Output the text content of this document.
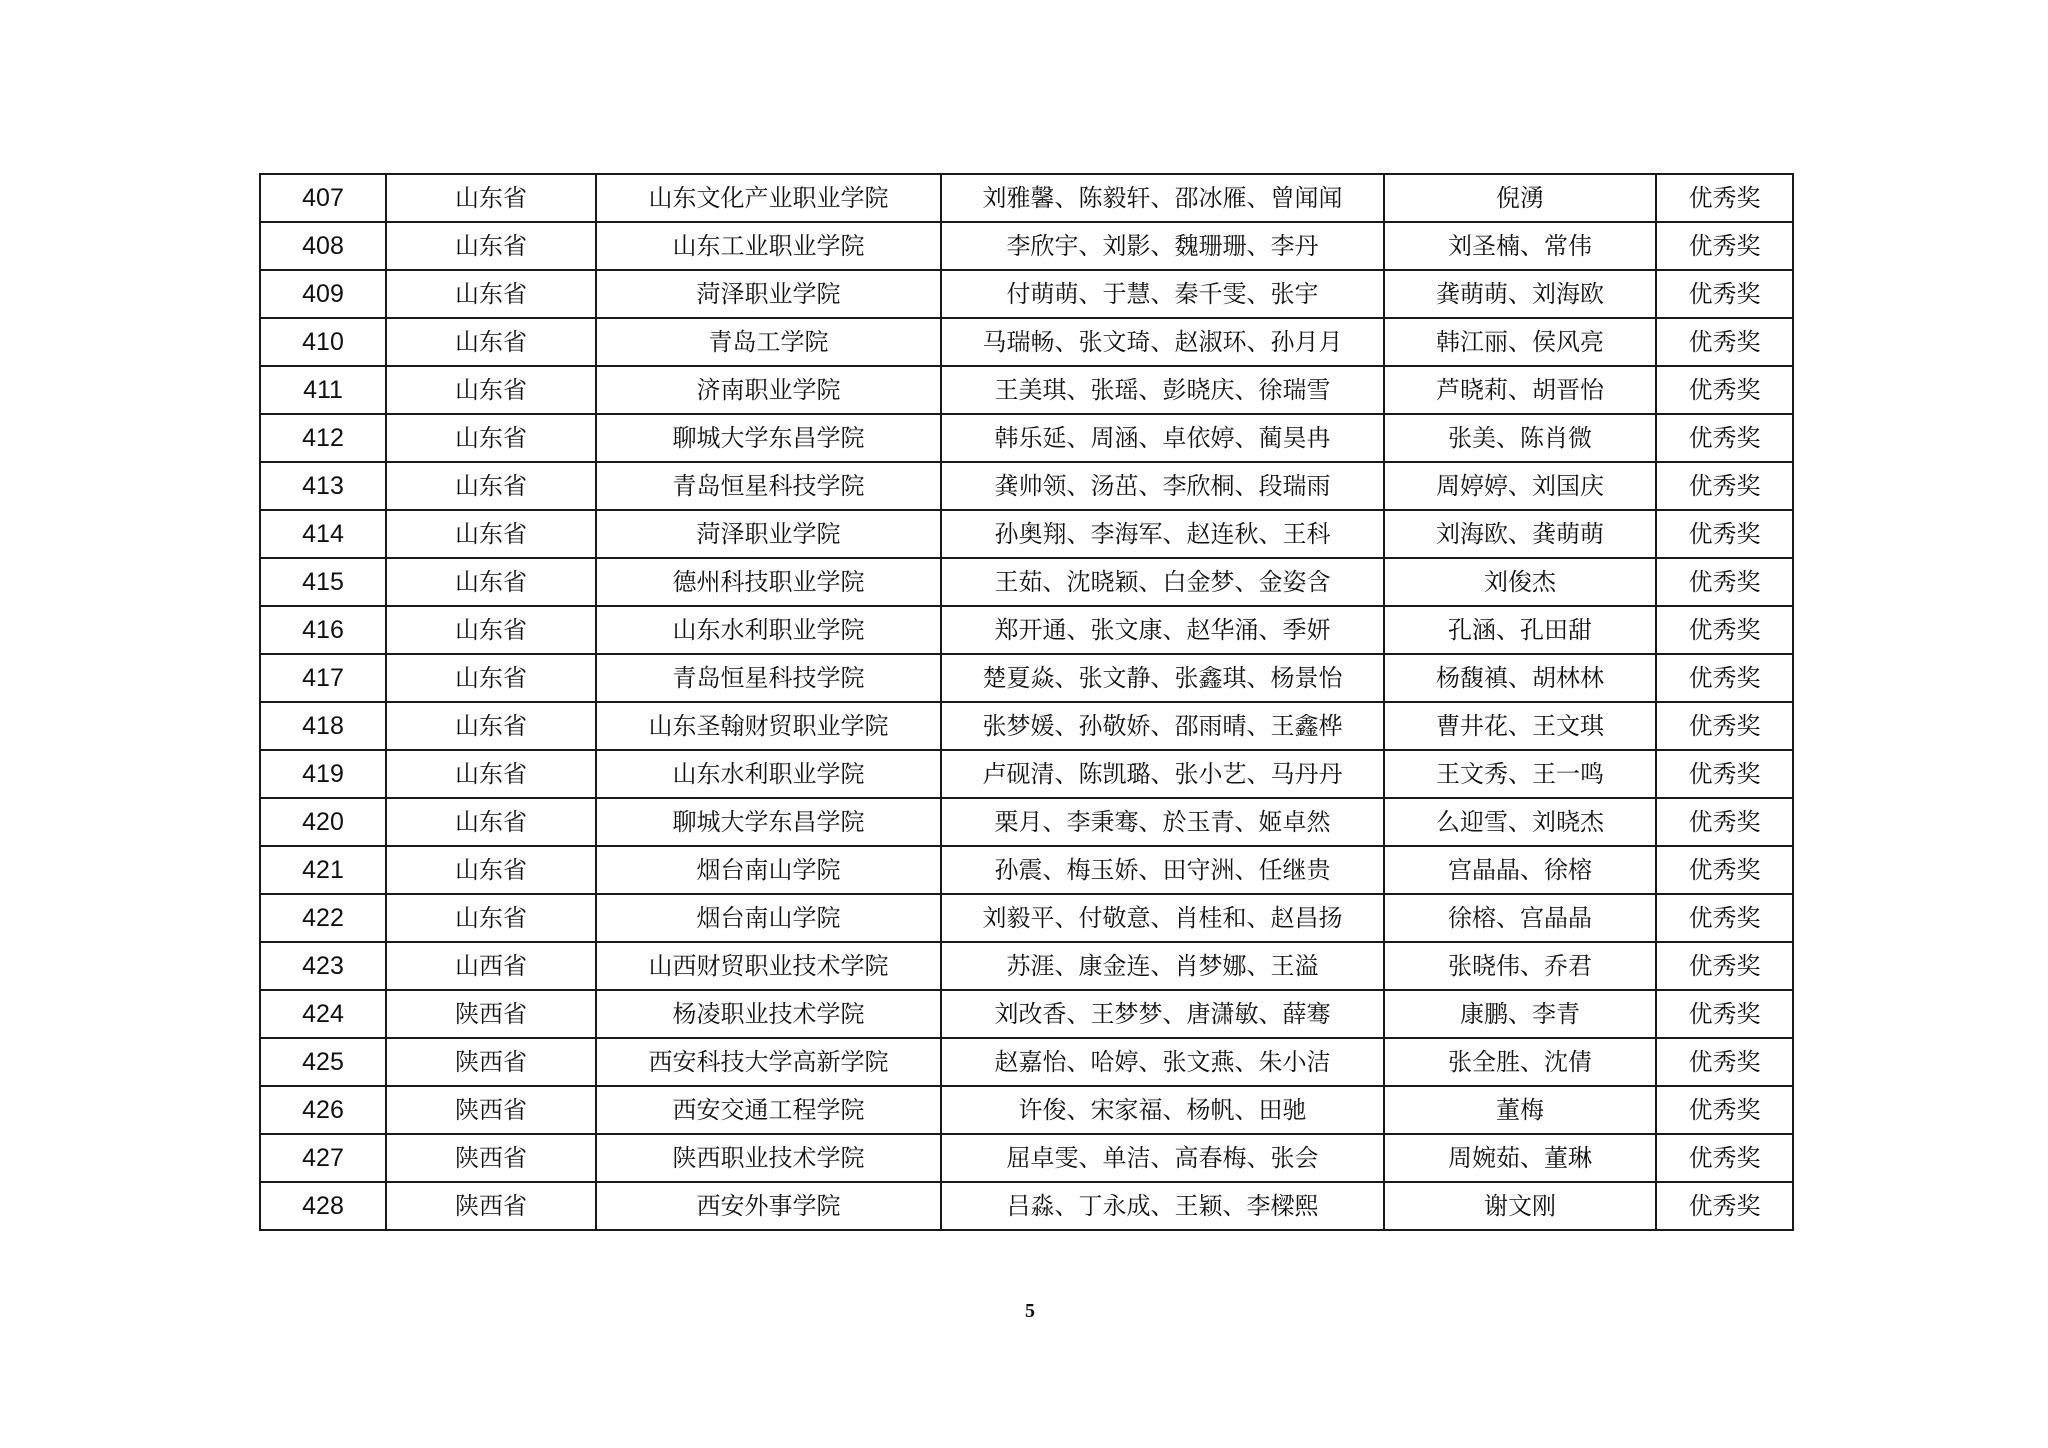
407	山东省	山东文化产业职业学院	刘雅馨、陈毅轩、邵冰雁、曾闻闻	倪湧	优秀奖
408	山东省	山东工业职业学院	李欣宇、刘影、魏珊珊、李丹	刘圣楠、常伟	优秀奖
409	山东省	菏泽职业学院	付萌萌、于慧、秦千雯、张宇	龚萌萌、刘海欧	优秀奖
410	山东省	青岛工学院	马瑞畅、张文琦、赵淑环、孙月月	韩江丽、侯风亮	优秀奖
411	山东省	济南职业学院	王美琪、张瑶、彭晓庆、徐瑞雪	芦晓莉、胡晋怡	优秀奖
412	山东省	聊城大学东昌学院	韩乐延、周涵、卓依婷、蔺昊冉	张美、陈肖微	优秀奖
413	山东省	青岛恒星科技学院	龚帅领、汤茁、李欣桐、段瑞雨	周婷婷、刘国庆	优秀奖
414	山东省	菏泽职业学院	孙奥翔、李海军、赵连秋、王科	刘海欧、龚萌萌	优秀奖
415	山东省	德州科技职业学院	王茹、沈晓颖、白金梦、金姿含	刘俊杰	优秀奖
416	山东省	山东水利职业学院	郑开通、张文康、赵华涌、季妍	孔涵、孔田甜	优秀奖
417	山东省	青岛恒星科技学院	楚夏焱、张文静、张鑫琪、杨景怡	杨馥禛、胡林林	优秀奖
418	山东省	山东圣翰财贸职业学院	张梦媛、孙敬娇、邵雨晴、王鑫桦	曹井花、王文琪	优秀奖
419	山东省	山东水利职业学院	卢砚清、陈凯璐、张小艺、马丹丹	王文秀、王一鸣	优秀奖
420	山东省	聊城大学东昌学院	栗月、李秉骞、於玉青、姬卓然	么迎雪、刘晓杰	优秀奖
421	山东省	烟台南山学院	孙震、梅玉娇、田守洲、任继贵	宫晶晶、徐榕	优秀奖
422	山东省	烟台南山学院	刘毅平、付敬意、肖桂和、赵昌扬	徐榕、宫晶晶	优秀奖
423	山西省	山西财贸职业技术学院	苏涯、康金连、肖梦娜、王溢	张晓伟、乔君	优秀奖
424	陕西省	杨凌职业技术学院	刘改香、王梦梦、唐潇敏、薛骞	康鹏、李青	优秀奖
425	陕西省	西安科技大学高新学院	赵嘉怡、哈婷、张文燕、朱小洁	张全胜、沈倩	优秀奖
426	陕西省	西安交通工程学院	许俊、宋家福、杨帆、田驰	董梅	优秀奖
427	陕西省	陕西职业技术学院	屈卓雯、单洁、高春梅、张会	周婉茹、董琳	优秀奖
428	陕西省	西安外事学院	吕淼、丁永成、王颖、李樑熙	谢文刚	优秀奖
5
